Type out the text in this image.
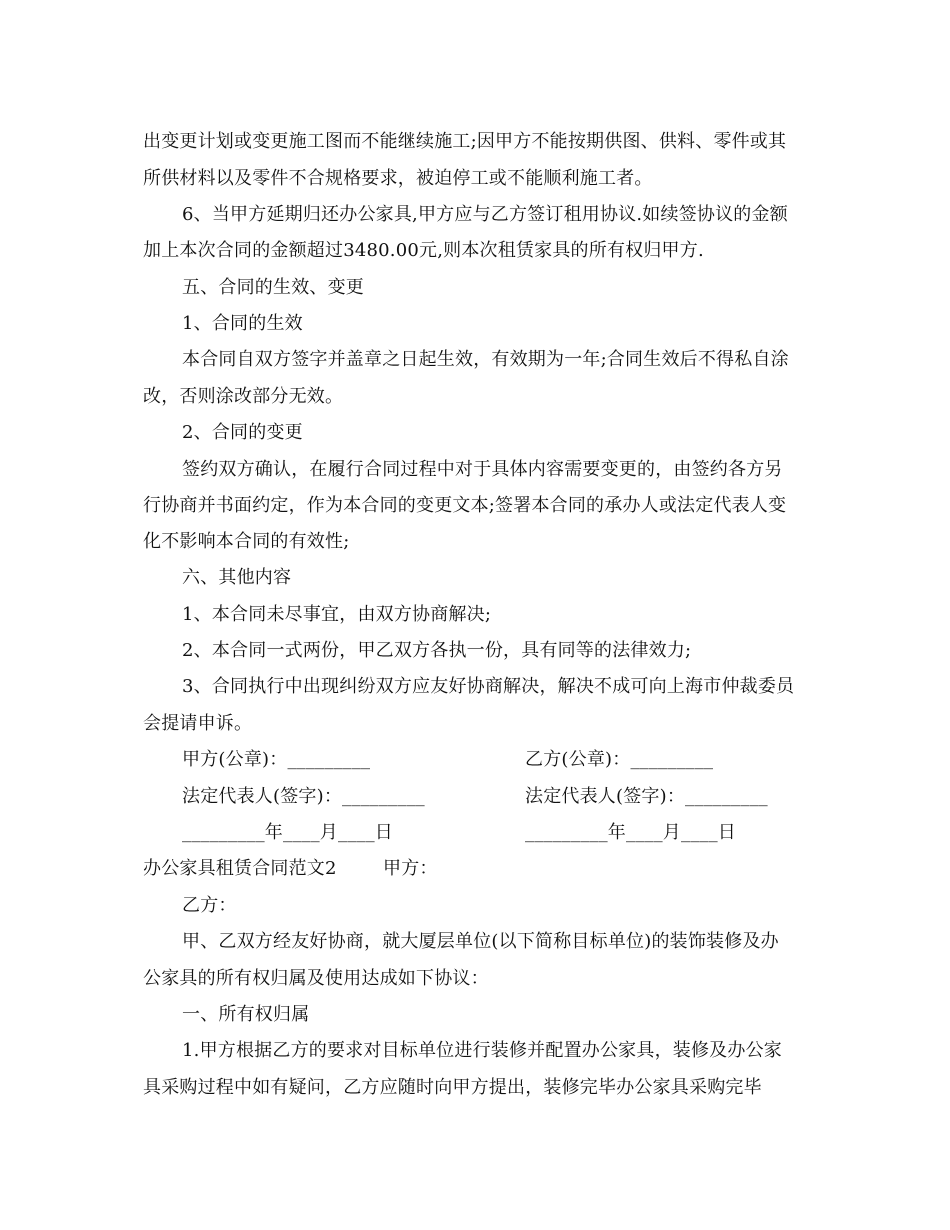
出变更计划或变更施工图而不能继续施工;因甲方不能按期供图、供料、零件或其
所供材料以及零件不合规格要求，被迫停工或不能顺利施工者。
6、当甲方延期归还办公家具,甲方应与乙方签订租用协议.如续签协议的金额
加上本次合同的金额超过3480.00元,则本次租赁家具的所有权归甲方.
五、合同的生效、变更
1、合同的生效
本合同自双方签字并盖章之日起生效，有效期为一年;合同生效后不得私自涂
改，否则涂改部分无效。
2、合同的变更
签约双方确认，在履行合同过程中对于具体内容需要变更的，由签约各方另
行协商并书面约定，作为本合同的变更文本;签署本合同的承办人或法定代表人变
化不影响本合同的有效性;
六、其他内容
1、本合同未尽事宜，由双方协商解决;
2、本合同一式两份，甲乙双方各执一份，具有同等的法律效力;
3、合同执行中出现纠纷双方应友好协商解决，解决不成可向上海市仲裁委员
会提请申诉。
甲方(公章)：_________	乙方(公章)：_________
法定代表人(签字)：_________	法定代表人(签字)：_________
_________年____月____日	_________年____月____日
办公家具租赁合同范文2	甲方：
乙方：
甲、乙双方经友好协商，就大厦层单位(以下简称目标单位)的装饰装修及办
公家具的所有权归属及使用达成如下协议：
一、所有权归属
1.甲方根据乙方的要求对目标单位进行装修并配置办公家具，装修及办公家
具采购过程中如有疑问，乙方应随时向甲方提出，装修完毕办公家具采购完毕
